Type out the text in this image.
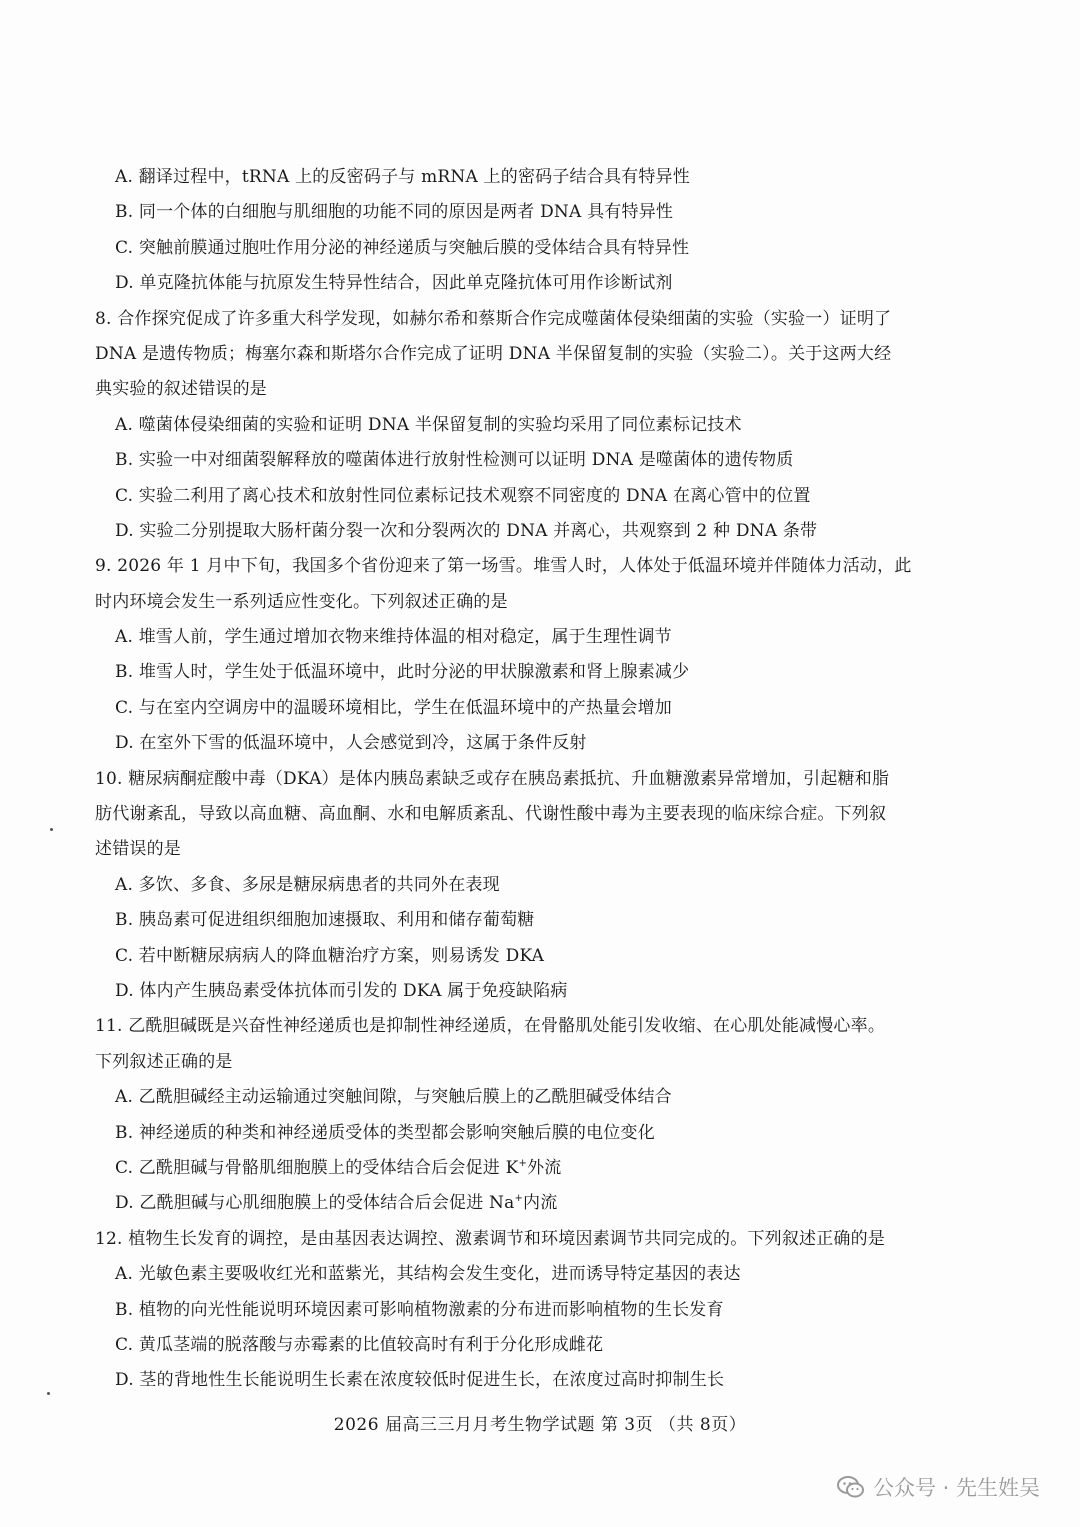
A. 翻译过程中，tRNA 上的反密码子与 mRNA 上的密码子结合具有特异性
B. 同一个体的白细胞与肌细胞的功能不同的原因是两者 DNA 具有特异性
C. 突触前膜通过胞吐作用分泌的神经递质与突触后膜的受体结合具有特异性
D. 单克隆抗体能与抗原发生特异性结合，因此单克隆抗体可用作诊断试剂
8. 合作探究促成了许多重大科学发现，如赫尔希和蔡斯合作完成噬菌体侵染细菌的实验（实验一）证明了
DNA 是遗传物质；梅塞尔森和斯塔尔合作完成了证明 DNA 半保留复制的实验（实验二）。关于这两大经
典实验的叙述错误的是
A. 噬菌体侵染细菌的实验和证明 DNA 半保留复制的实验均采用了同位素标记技术
B. 实验一中对细菌裂解释放的噬菌体进行放射性检测可以证明 DNA 是噬菌体的遗传物质
C. 实验二利用了离心技术和放射性同位素标记技术观察不同密度的 DNA 在离心管中的位置
D. 实验二分别提取大肠杆菌分裂一次和分裂两次的 DNA 并离心，共观察到 2 种 DNA 条带
9. 2026 年 1 月中下旬，我国多个省份迎来了第一场雪。堆雪人时，人体处于低温环境并伴随体力活动，此
时内环境会发生一系列适应性变化。下列叙述正确的是
A. 堆雪人前，学生通过增加衣物来维持体温的相对稳定，属于生理性调节
B. 堆雪人时，学生处于低温环境中，此时分泌的甲状腺激素和肾上腺素减少
C. 与在室内空调房中的温暖环境相比，学生在低温环境中的产热量会增加
D. 在室外下雪的低温环境中，人会感觉到冷，这属于条件反射
10. 糖尿病酮症酸中毒（DKA）是体内胰岛素缺乏或存在胰岛素抵抗、升血糖激素异常增加，引起糖和脂
肪代谢紊乱，导致以高血糖、高血酮、水和电解质紊乱、代谢性酸中毒为主要表现的临床综合症。下列叙
述错误的是
A. 多饮、多食、多尿是糖尿病患者的共同外在表现
B. 胰岛素可促进组织细胞加速摄取、利用和储存葡萄糖
C. 若中断糖尿病病人的降血糖治疗方案，则易诱发 DKA
D. 体内产生胰岛素受体抗体而引发的 DKA 属于免疫缺陷病
11. 乙酰胆碱既是兴奋性神经递质也是抑制性神经递质，在骨骼肌处能引发收缩、在心肌处能减慢心率。
下列叙述正确的是
A. 乙酰胆碱经主动运输通过突触间隙，与突触后膜上的乙酰胆碱受体结合
B. 神经递质的种类和神经递质受体的类型都会影响突触后膜的电位变化
C. 乙酰胆碱与骨骼肌细胞膜上的受体结合后会促进 K+外流
D. 乙酰胆碱与心肌细胞膜上的受体结合后会促进 Na+内流
12. 植物生长发育的调控，是由基因表达调控、激素调节和环境因素调节共同完成的。下列叙述正确的是
A. 光敏色素主要吸收红光和蓝紫光，其结构会发生变化，进而诱导特定基因的表达
B. 植物的向光性能说明环境因素可影响植物激素的分布进而影响植物的生长发育
C. 黄瓜茎端的脱落酸与赤霉素的比值较高时有利于分化形成雌花
D. 茎的背地性生长能说明生长素在浓度较低时促进生长，在浓度过高时抑制生长
2026 届高三三月月考生物学试题 第 3页 （共 8页）
公众号 · 先生姓吴
